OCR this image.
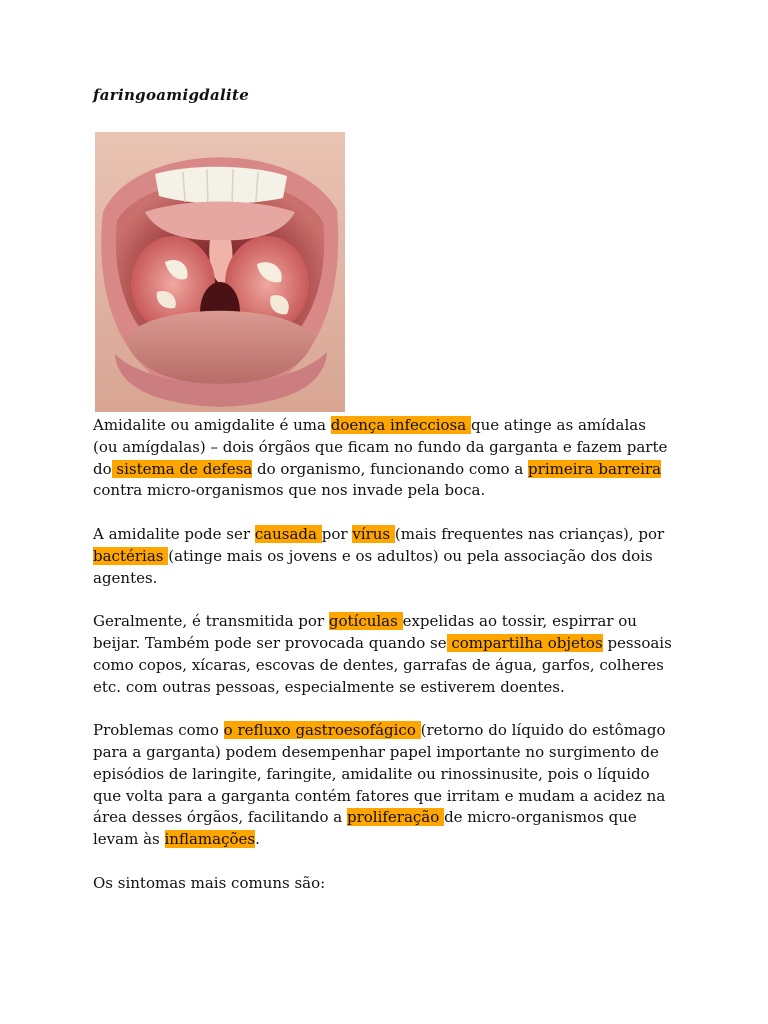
faringoamigdalite

Amidalite ou amigdalite é uma doença infecciosa que atinge as amídalas
(ou amígdalas) – dois órgãos que ficam no fundo da garganta e fazem parte
do sistema de defesa do organismo, funcionando como a primeira barreira
contra micro-organismos que nos invade pela boca.

A amidalite pode ser causada por vírus (mais frequentes nas crianças), por
bactérias (atinge mais os jovens e os adultos) ou pela associação dos dois
agentes.

Geralmente, é transmitida por gotículas expelidas ao tossir, espirrar ou
beijar. Também pode ser provocada quando se compartilha objetos pessoais
como copos, xícaras, escovas de dentes, garrafas de água, garfos, colheres
etc. com outras pessoas, especialmente se estiverem doentes.

Problemas como o refluxo gastroesofágico (retorno do líquido do estômago
para a garganta) podem desempenhar papel importante no surgimento de
episódios de laringite, faringite, amidalite ou rinossinusite, pois o líquido
que volta para a garganta contém fatores que irritam e mudam a acidez na
área desses órgãos, facilitando a proliferação de micro-organismos que
levam às inflamações.

Os sintomas mais comuns são:
